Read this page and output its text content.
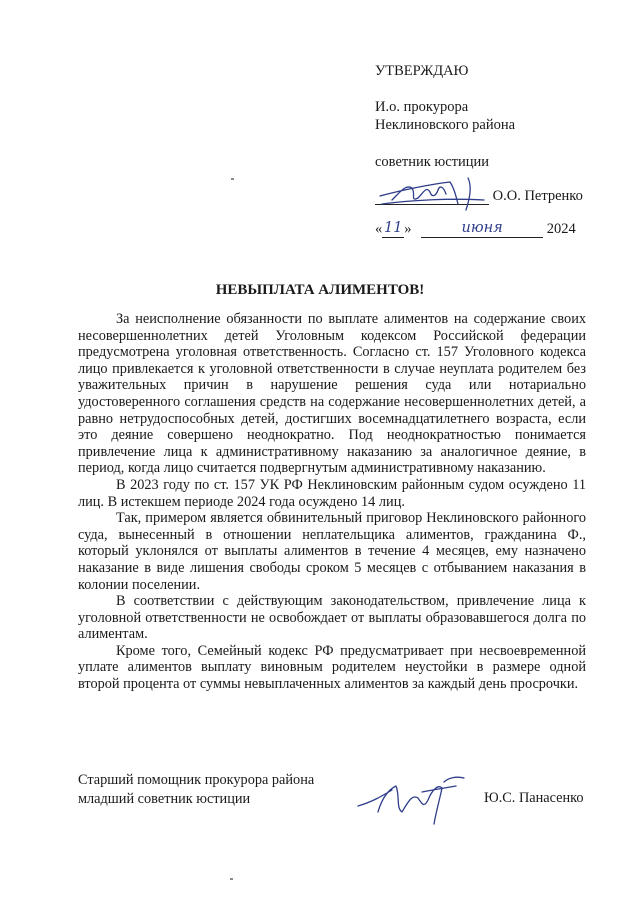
УТВЕРЖДАЮ
И.о. прокурора
Неклиновского района
советник юстиции
О.О. Петренко
« 11 »	июня	2024
НЕВЫПЛАТА АЛИМЕНТОВ!

За неисполнение обязанности по выплате алиментов на содержание своих несовершеннолетних детей Уголовным кодексом Российской федерации предусмотрена уголовная ответственность. Согласно ст. 157 Уголовного кодекса лицо привлекается к уголовной ответственности в случае неуплата родителем без уважительных причин в нарушение решения суда или нотариально удостоверенного соглашения средств на содержание несовершеннолетних детей, а равно нетрудоспособных детей, достигших восемнадцатилетнего возраста, если это деяние совершено неоднократно. Под неоднократностью понимается привлечение лица к административному наказанию за аналогичное деяние, в период, когда лицо считается подвергнутым административному наказанию.

В 2023 году по ст. 157 УК РФ Неклиновским районным судом осуждено 11 лиц. В истекшем периоде 2024 года осуждено 14 лиц.

Так, примером является обвинительный приговор Неклиновского районного суда, вынесенный в отношении неплательщика алиментов, гражданина Ф., который уклонялся от выплаты алиментов в течение 4 месяцев, ему назначено наказание в виде лишения свободы сроком 5 месяцев с отбыванием наказания в колонии поселении.

В соответствии с действующим законодательством, привлечение лица к уголовной ответственности не освобождает от выплаты образовавшегося долга по алиментам.

Кроме того, Семейный кодекс РФ предусматривает при несвоевременной уплате алиментов выплату виновным родителем неустойки в размере одной второй процента от суммы невыплаченных алиментов за каждый день просрочки.

Старший помощник прокурора района
младший советник юстиции	Ю.С. Панасенко
